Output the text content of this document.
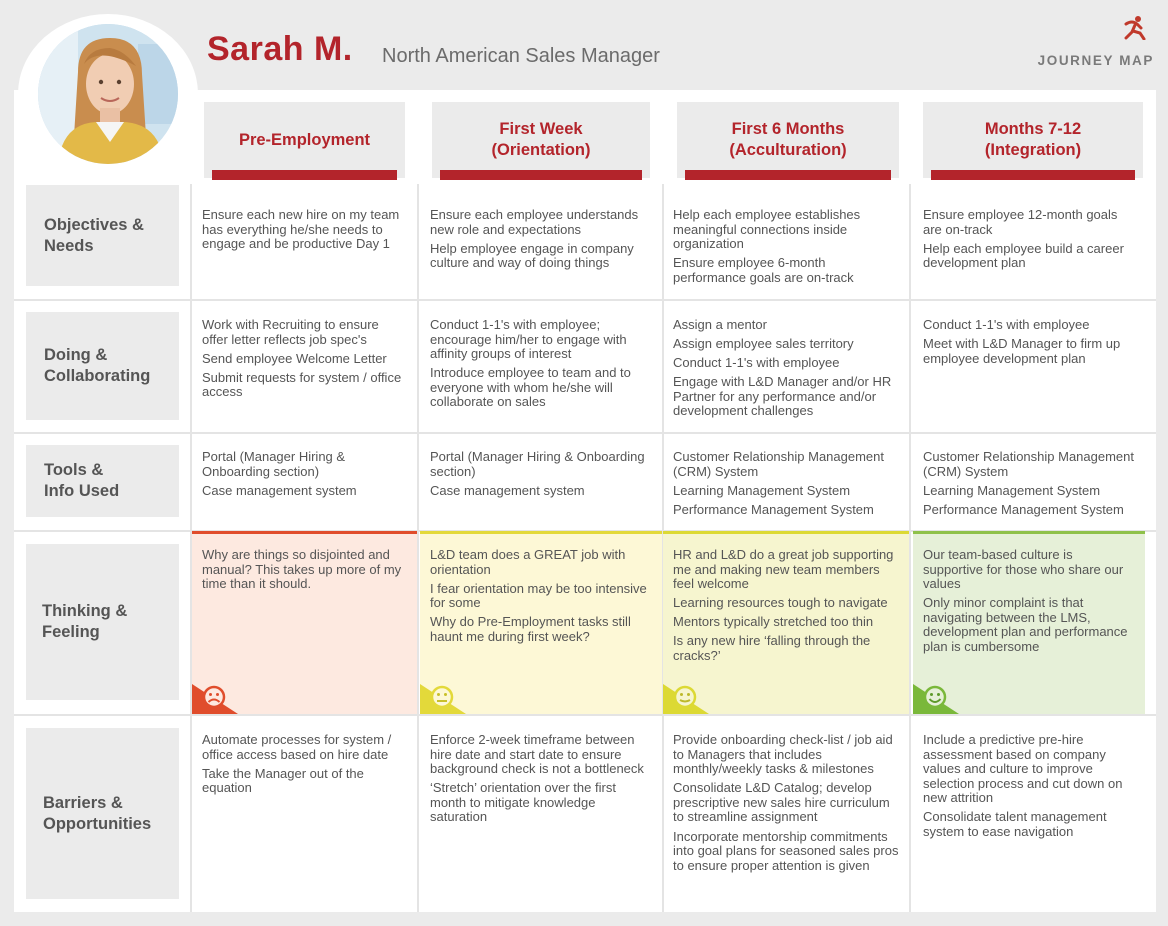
Pre-Employment
First Week
(Orientation)
First 6 Months
(Acculturation)
Months 7-12
(Integration)
Objectives &
Needs
Doing &
Collaborating
Tools &
Info Used
Thinking &
Feeling
Barriers &
Opportunities

Ensure each new hire on my team has everything he/she needs to engage and be productive Day 1

Ensure each employee understands new role and expectations

Help employee engage in company culture and way of doing things

Help each employee establishes meaningful connections inside organization

Ensure employee 6-month performance goals are on-track

Ensure employee 12-month goals are on-track

Help each employee build a career development plan

Work with Recruiting to ensure offer letter reflects job spec's

Send employee Welcome Letter

Submit requests for system / office access

Conduct 1-1's with employee; encourage him/her to engage with affinity groups of interest

Introduce employee to team and to everyone with whom he/she will collaborate on sales

Assign a mentor

Assign employee sales territory

Conduct 1-1's with employee

Engage with L&D Manager and/or HR Partner for any performance and/or development challenges

Conduct 1-1's with employee

Meet with L&D Manager to firm up employee development plan

Portal (Manager Hiring & Onboarding section)

Case management system

Portal (Manager Hiring & Onboarding section)

Case management system

Customer Relationship Management (CRM) System

Learning Management System

Performance Management System

Customer Relationship Management (CRM) System

Learning Management System

Performance Management System

Why are things so disjointed and manual? This takes up more of my time than it should.

L&D team does a GREAT job with orientation

I fear orientation may be too intensive for some

Why do Pre-Employment tasks still haunt me during first week?

HR and L&D do a great job supporting me and making new team members feel welcome

Learning resources tough to navigate

Mentors typically stretched too thin

Is any new hire ‘falling through the cracks?’

Our team-based culture is supportive for those who share our values

Only minor complaint is that navigating between the LMS, development plan and performance plan is cumbersome

Automate processes for system / office access based on hire date

Take the Manager out of the equation

Enforce 2-week timeframe between hire date and start date to ensure background check is not a bottleneck

‘Stretch’ orientation over the first month to mitigate knowledge saturation

Provide onboarding check-list / job aid to Managers that includes monthly/weekly tasks & milestones

Consolidate L&D Catalog; develop prescriptive new sales hire curriculum to streamline assignment

Incorporate mentorship commitments into goal plans for seasoned sales pros to ensure proper attention is given

Include a predictive pre-hire assessment based on company values and culture to improve selection process and cut down on new attrition

Consolidate talent management system to ease navigation

Sarah M. North American Sales Manager	JOURNEY MAP
